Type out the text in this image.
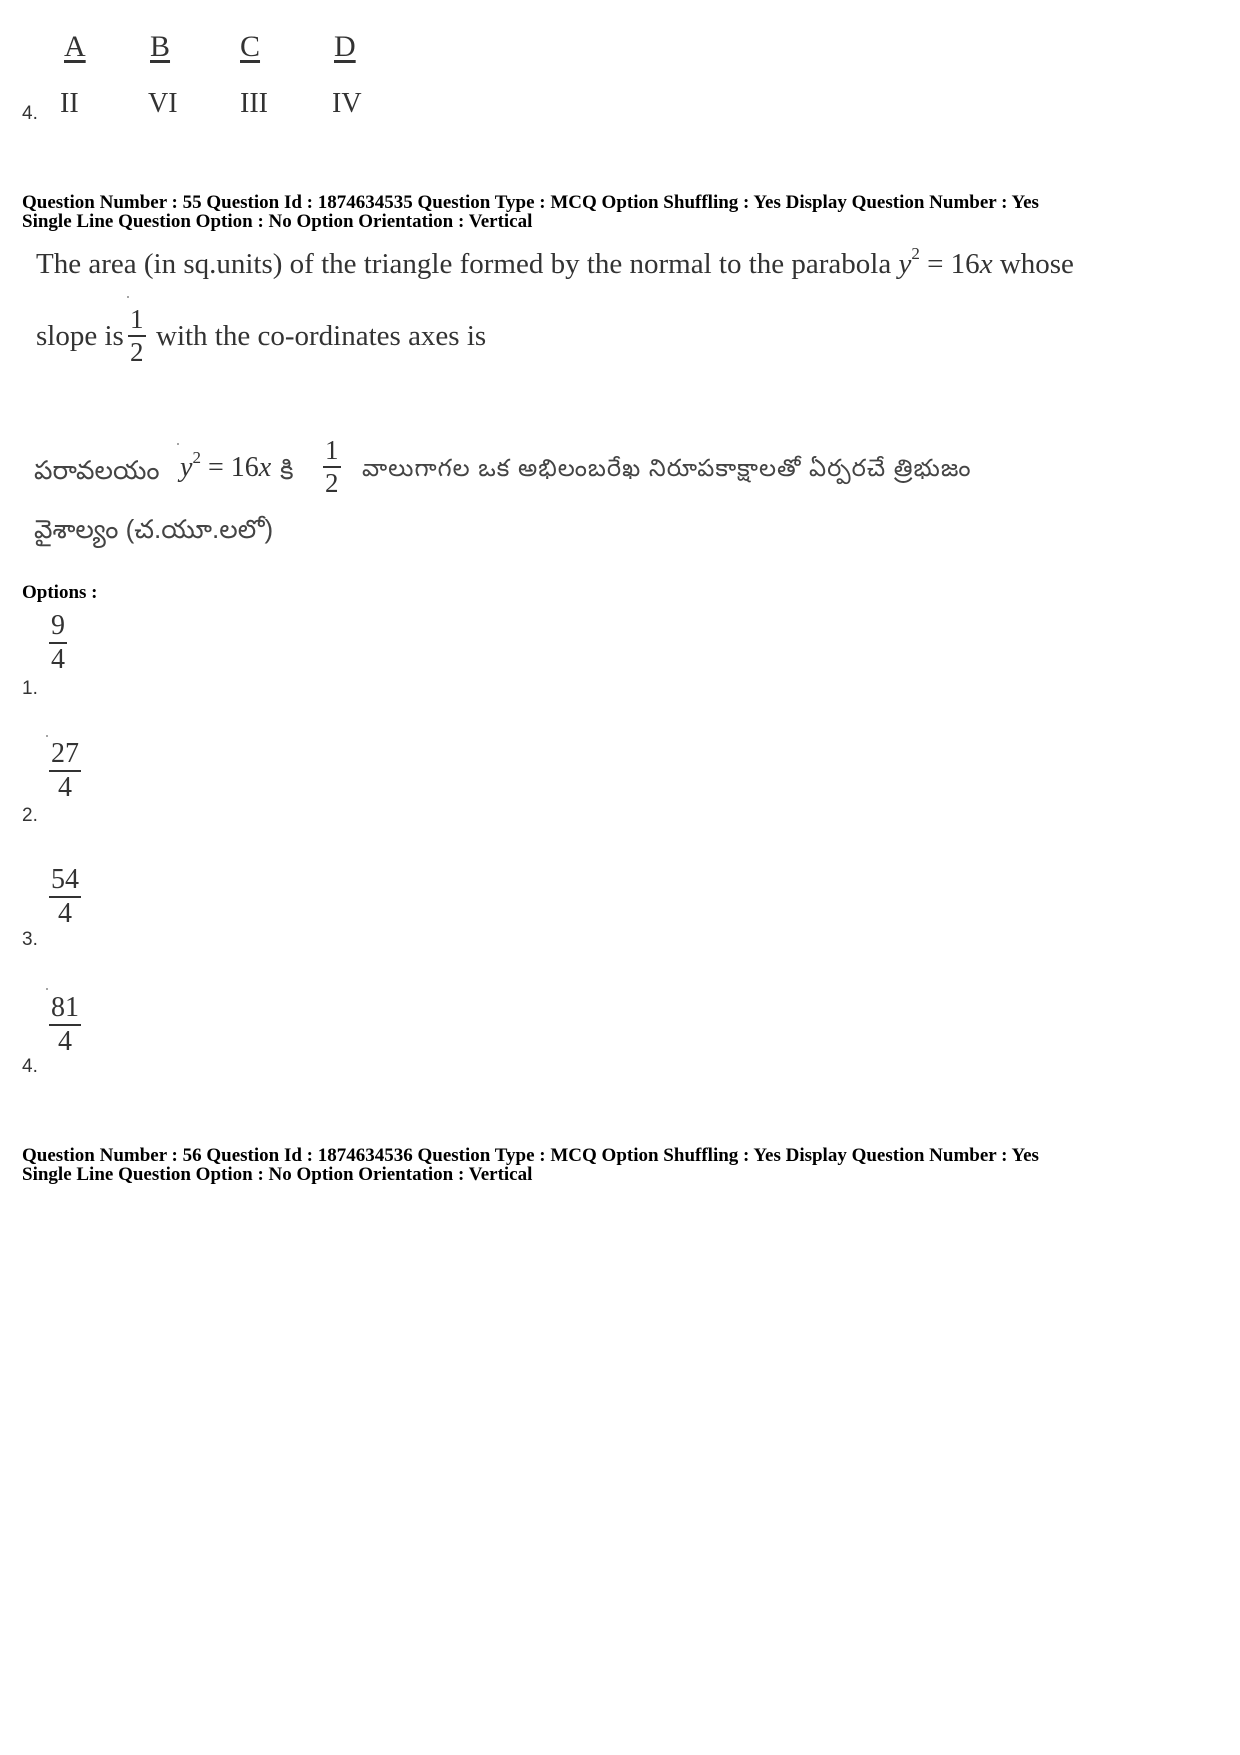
A B C D
4. II VI III IV
Question Number : 55 Question Id : 1874634535 Question Type : MCQ Option Shuffling : Yes Display Question Number : Yes
Single Line Question Option : No Option Orientation : Vertical
The area (in sq.units) of the triangle formed by the normal to the parabola $y^2 = 16x$ whose
slope is
1
2 with the co-ordinates axes is
పరావలయం $y^2 = 16x$ కి
1
2 వాలుగాగల ఒక అభిలంబరేఖ నిరూపకాక్షాలతో ఏర్పరచే త్రిభుజం
వైశాల్యం (చ.యూ.లలో)
Options :
9
4
1.
27
4
2.
54
4
3.
81
4
4.
Question Number : 56 Question Id : 1874634536 Question Type : MCQ Option Shuffling : Yes Display Question Number : Yes
Single Line Question Option : No Option Orientation : Vertical
